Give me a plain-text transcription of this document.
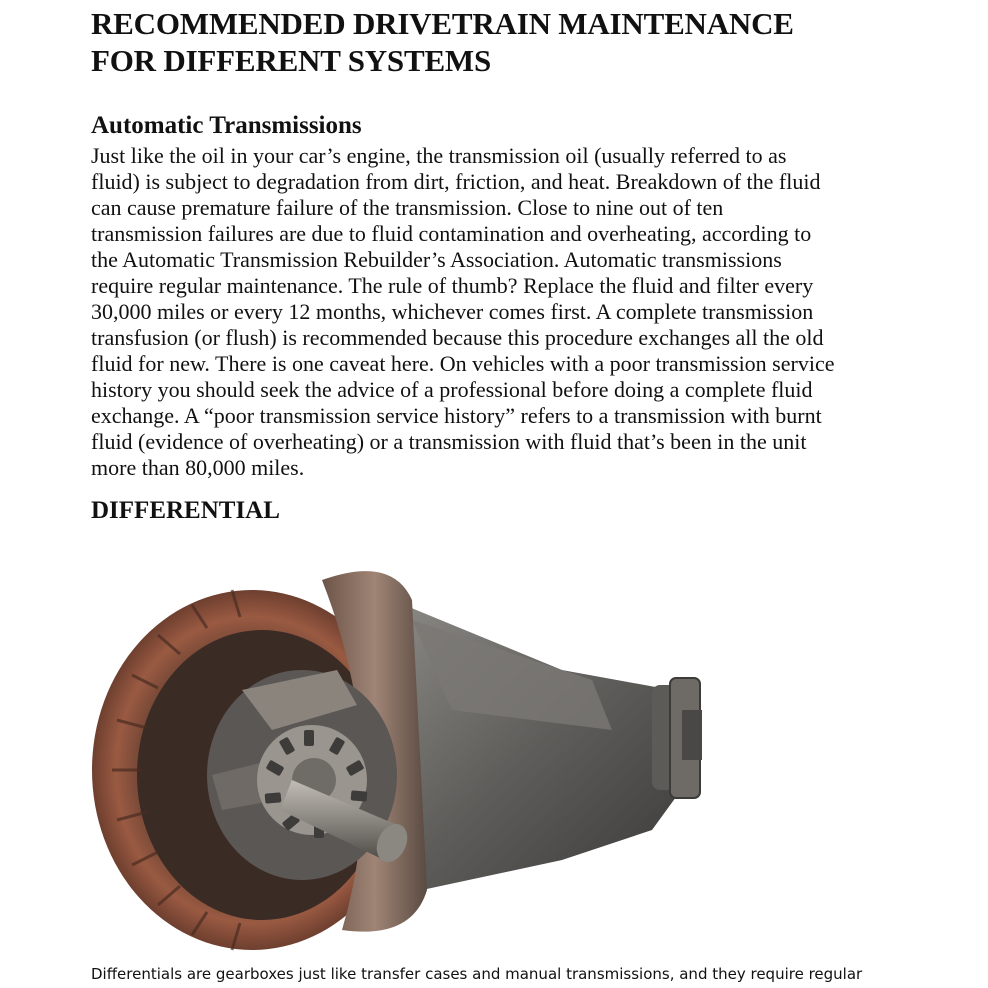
RECOMMENDED DRIVETRAIN MAINTENANCE
FOR DIFFERENT SYSTEMS
Automatic Transmissions

Just like the oil in your car’s engine, the transmission oil (usually referred to as fluid) is subject to degradation from dirt, friction, and heat. Breakdown of the fluid can cause premature failure of the transmission. Close to nine out of ten transmission failures are due to fluid contamination and overheating, according to the Automatic Transmission Rebuilder’s Association. Automatic transmissions require regular maintenance. The rule of thumb? Replace the fluid and filter every 30,000 miles or every 12 months, whichever comes first. A complete transmission transfusion (or flush) is recommended because this procedure exchanges all the old fluid for new. There is one caveat here. On vehicles with a poor transmission service history you should seek the advice of a professional before doing a complete fluid exchange. A “poor transmission service history” refers to a transmission with burnt fluid (evidence of overheating) or a transmission with fluid that’s been in the unit more than 80,000 miles.

DIFFERENTIAL
Differentials are gearboxes just like transfer cases and manual transmissions, and they require regular
